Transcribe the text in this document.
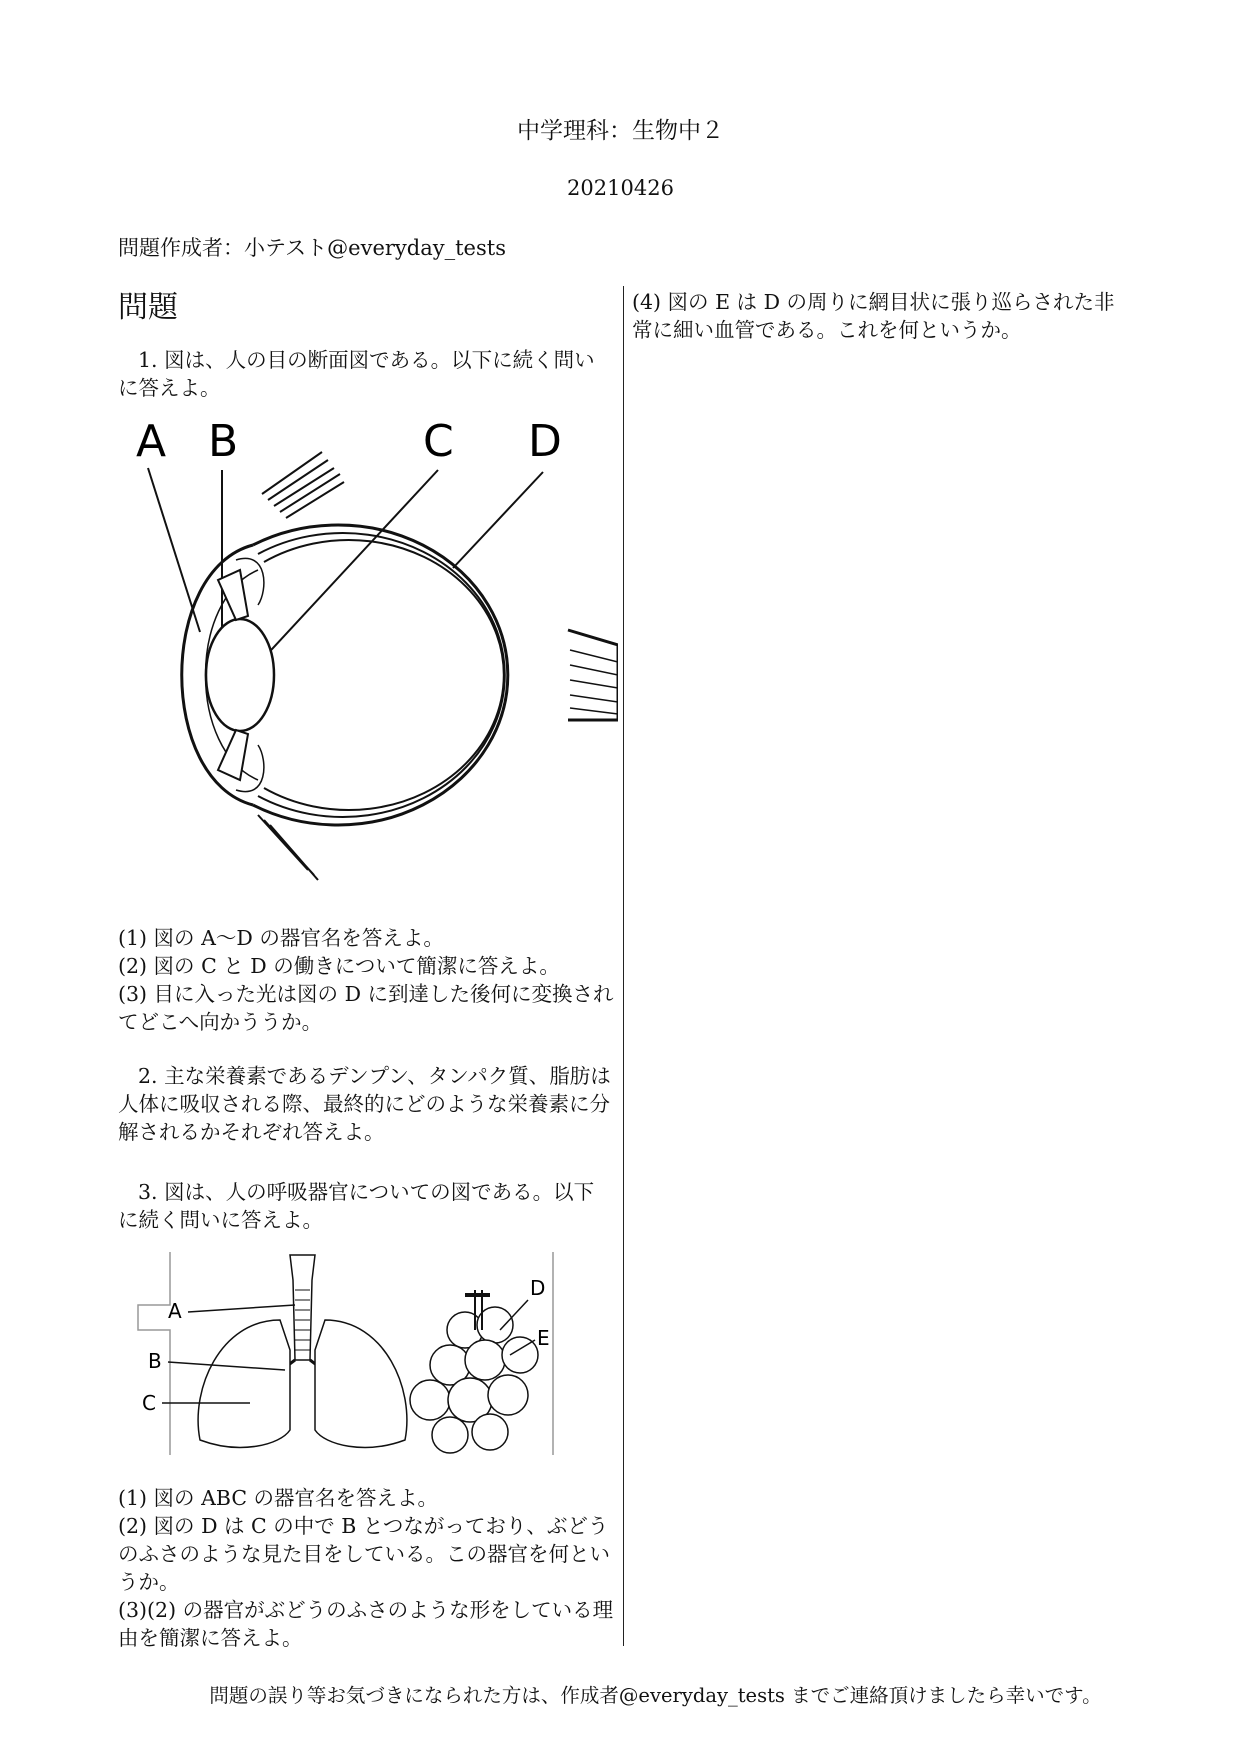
中学理科：生物中２
20210426
問題作成者：小テスト@everyday_tests
問題

1. 図は、人の目の断面図である。以下に続く問いに答えよ。

A B	C D

(1) 図の A〜D の器官名を答えよ。

(2) 図の C と D の働きについて簡潔に答えよ。

(3) 目に入った光は図の D に到達した後何に変換されてどこへ向かううか。

2. 主な栄養素であるデンプン、タンパク質、脂肪は人体に吸収される際、最終的にどのような栄養素に分解されるかそれぞれ答えよ。

3. 図は、人の呼吸器官についての図である。以下に続く問いに答えよ。

A
B
C
D
E

(1) 図の ABC の器官名を答えよ。

(2) 図の D は C の中で B とつながっており、ぶどうのふさのような見た目をしている。この器官を何というか。

(3)(2) の器官がぶどうのふさのような形をしている理由を簡潔に答えよ。

(4) 図の E は D の周りに網目状に張り巡らされた非常に細い血管である。これを何というか。

問題の誤り等お気づきになられた方は、作成者@everyday_tests までご連絡頂けましたら幸いです。
